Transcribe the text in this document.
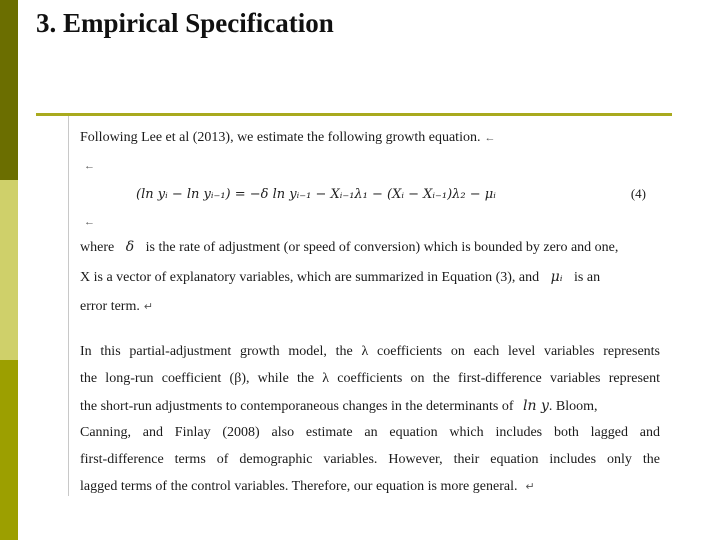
3. Empirical Specification
Following Lee et al (2013), we estimate the following growth equation. ←
←
(ln yᵢ − ln yᵢ₋₁) = −δ ln yᵢ₋₁ − Xᵢ₋₁λ₁ − (Xᵢ − Xᵢ₋₁)λ₂ − μᵢ	(4)
←
where δ is the rate of adjustment (or speed of conversion) which is bounded by zero and one,
X is a vector of explanatory variables, which are summarized in Equation (3), and μᵢ is an
error term. ↵
In this partial-adjustment growth model, the λ coefficients on each level variables represents
the long-run coefficient (β), while the λ coefficients on the first-difference variables represent
the short-run adjustments to contemporaneous changes in the determinants of ln y. Bloom,
Canning, and Finlay (2008) also estimate an equation which includes both lagged and
first-difference terms of demographic variables. However, their equation includes only the
lagged terms of the control variables. Therefore, our equation is more general. ↵
